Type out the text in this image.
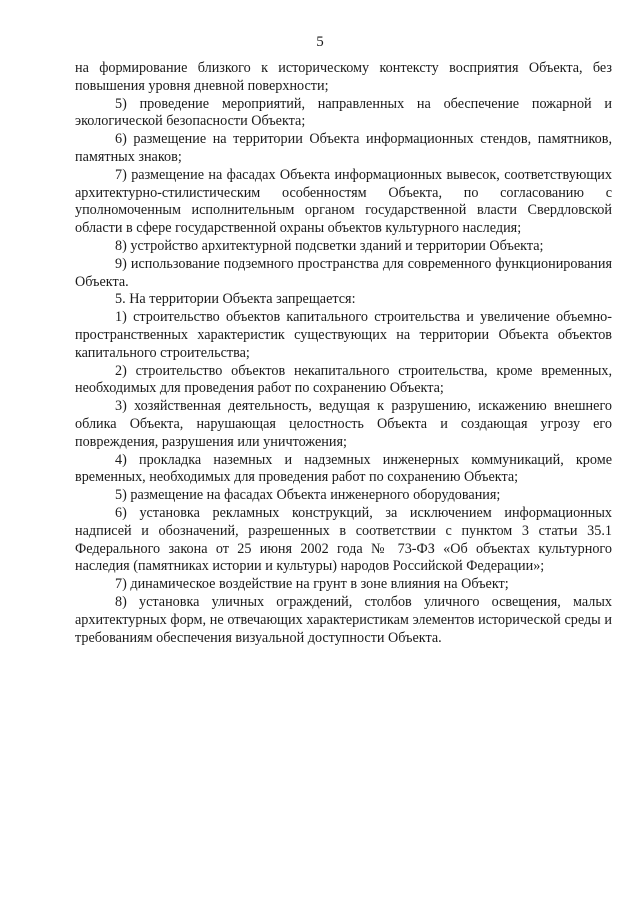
5

на формирование близкого к историческому контексту восприятия Объекта, без повышения уровня дневной поверхности;

5) проведение мероприятий, направленных на обеспечение пожарной и экологической безопасности Объекта;

6) размещение на территории Объекта информационных стендов, памятников, памятных знаков;

7) размещение на фасадах Объекта информационных вывесок, соответствующих архитектурно-стилистическим особенностям Объекта, по согласованию с уполномоченным исполнительным органом государственной власти Свердловской области в сфере государственной охраны объектов культурного наследия;

8) устройство архитектурной подсветки зданий и территории Объекта;

9) использование подземного пространства для современного функционирования Объекта.

5. На территории Объекта запрещается:

1) строительство объектов капитального строительства и увеличение объемно-пространственных характеристик существующих на территории Объекта объектов капитального строительства;

2) строительство объектов некапитального строительства, кроме временных, необходимых для проведения работ по сохранению Объекта;

3) хозяйственная деятельность, ведущая к разрушению, искажению внешнего облика Объекта, нарушающая целостность Объекта и создающая угрозу его повреждения, разрушения или уничтожения;

4) прокладка наземных и надземных инженерных коммуникаций, кроме временных, необходимых для проведения работ по сохранению Объекта;

5) размещение на фасадах Объекта инженерного оборудования;

6) установка рекламных конструкций, за исключением информационных надписей и обозначений, разрешенных в соответствии с пунктом 3 статьи 35.1 Федерального закона от 25 июня 2002 года № 73-ФЗ «Об объектах культурного наследия (памятниках истории и культуры) народов Российской Федерации»;

7) динамическое воздействие на грунт в зоне влияния на Объект;

8) установка уличных ограждений, столбов уличного освещения, малых архитектурных форм, не отвечающих характеристикам элементов исторической среды и требованиям обеспечения визуальной доступности Объекта.
